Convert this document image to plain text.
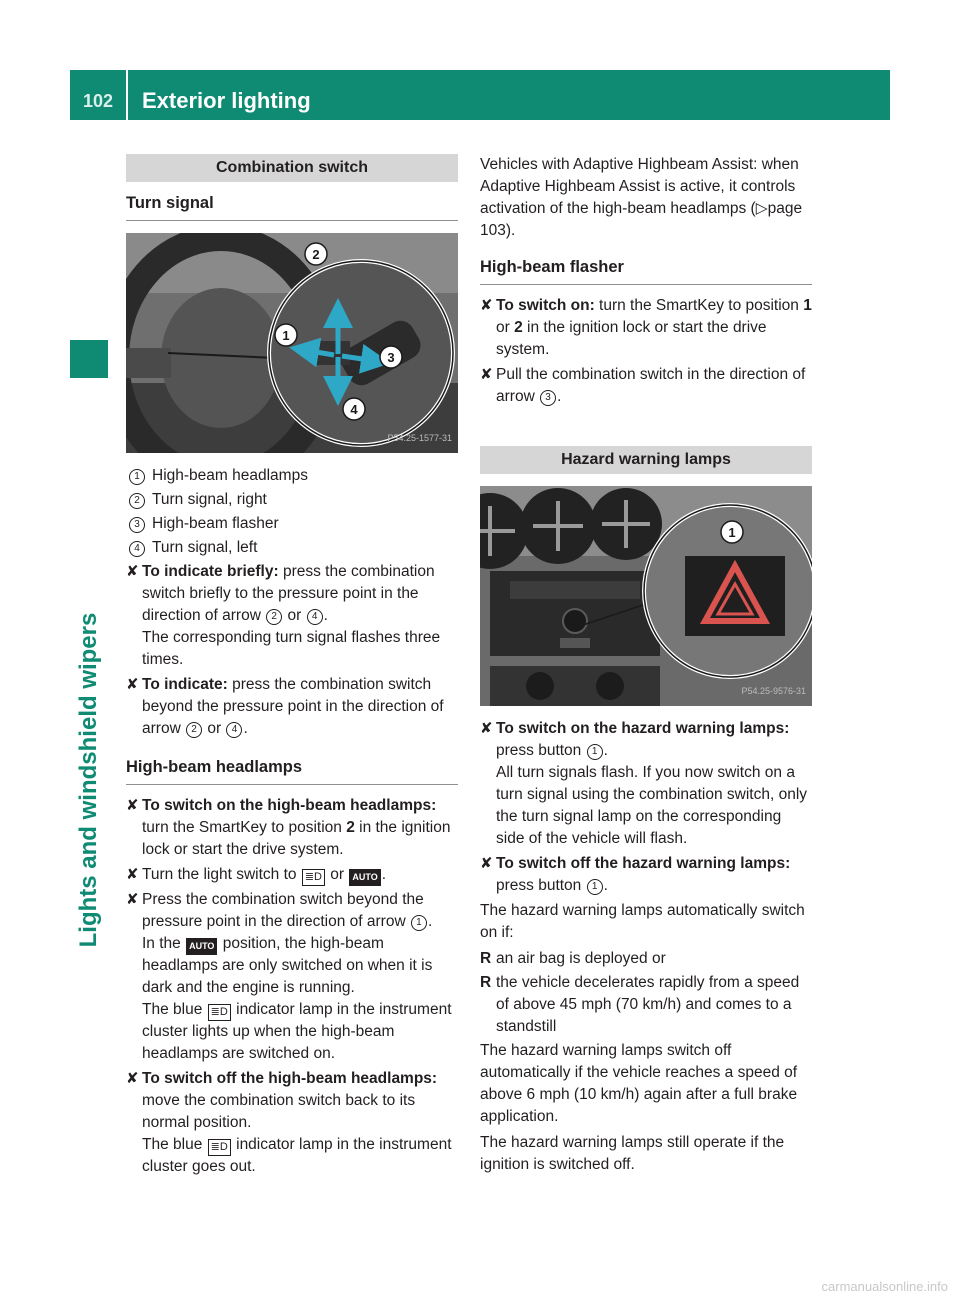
102	Exterior lighting
Lights and windshield wipers
Combination switch
Turn signal
1
2
3
4
P54.25-1577-31
1 High-beam headlamps
2 Turn signal, right
3 High-beam flasher
4 Turn signal, left
✘ To indicate briefly: press the combination switch briefly to the pressure point in the direction of arrow 2 or 4 .
The corresponding turn signal flashes three times.
✘ To indicate: press the combination switch beyond the pressure point in the direction of arrow 2 or 4 .
High-beam headlamps
✘ To switch on the high-beam headlamps: turn the SmartKey to position 2 in the ignition lock or start the drive system.
✘ Turn the light switch to ≣D or AUTO .
✘ Press the combination switch beyond the pressure point in the direction of arrow 1 .
In the AUTO position, the high-beam headlamps are only switched on when it is dark and the engine is running.
The blue ≣D indicator lamp in the instrument cluster lights up when the high-beam headlamps are switched on.
✘ To switch off the high-beam headlamps: move the combination switch back to its normal position.
The blue ≣D indicator lamp in the instrument cluster goes out.

Vehicles with Adaptive Highbeam Assist: when Adaptive Highbeam Assist is active, it controls activation of the high-beam headlamps (▷page 103).

High-beam flasher
✘ To switch on: turn the SmartKey to position 1 or 2 in the ignition lock or start the drive system.
✘ Pull the combination switch in the direction of arrow 3 .
Hazard warning lamps
1
P54.25-9576-31
✘ To switch on the hazard warning lamps:
press button 1 .
All turn signals flash. If you now switch on a turn signal using the combination switch, only the turn signal lamp on the corresponding side of the vehicle will flash.
✘ To switch off the hazard warning lamps:
press button 1 .

The hazard warning lamps automatically switch on if:

R an air bag is deployed or
R the vehicle decelerates rapidly from a speed of above 45 mph (70 km/h) and comes to a standstill

The hazard warning lamps switch off automatically if the vehicle reaches a speed of above 6 mph (10 km/h) again after a full brake application.

The hazard warning lamps still operate if the ignition is switched off.

carmanualsonline.info
